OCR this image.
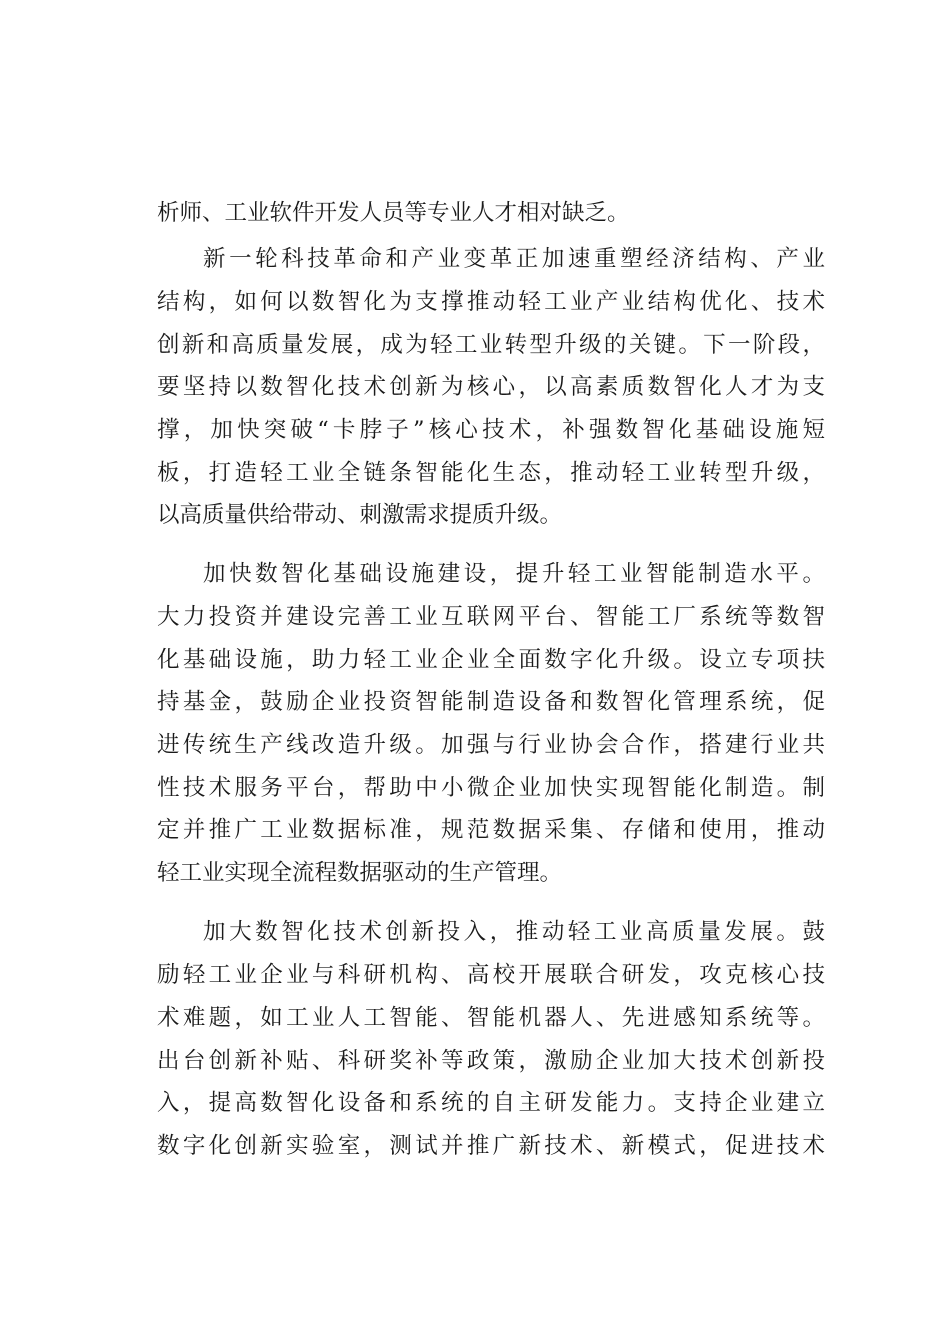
析师、工业软件开发人员等专业人才相对缺乏。
新一轮科技革命和产业变革正加速重塑经济结构、产业
结构，如何以数智化为支撑推动轻工业产业结构优化、技术
创新和高质量发展，成为轻工业转型升级的关键。下一阶段，
要坚持以数智化技术创新为核心，以高素质数智化人才为支
撑，加快突破“卡脖子”核心技术，补强数智化基础设施短
板，打造轻工业全链条智能化生态，推动轻工业转型升级，
以高质量供给带动、刺激需求提质升级。
加快数智化基础设施建设，提升轻工业智能制造水平。
大力投资并建设完善工业互联网平台、智能工厂系统等数智
化基础设施，助力轻工业企业全面数字化升级。设立专项扶
持基金，鼓励企业投资智能制造设备和数智化管理系统，促
进传统生产线改造升级。加强与行业协会合作，搭建行业共
性技术服务平台，帮助中小微企业加快实现智能化制造。制
定并推广工业数据标准，规范数据采集、存储和使用，推动
轻工业实现全流程数据驱动的生产管理。
加大数智化技术创新投入，推动轻工业高质量发展。鼓
励轻工业企业与科研机构、高校开展联合研发，攻克核心技
术难题，如工业人工智能、智能机器人、先进感知系统等。
出台创新补贴、科研奖补等政策，激励企业加大技术创新投
入，提高数智化设备和系统的自主研发能力。支持企业建立
数字化创新实验室，测试并推广新技术、新模式，促进技术
